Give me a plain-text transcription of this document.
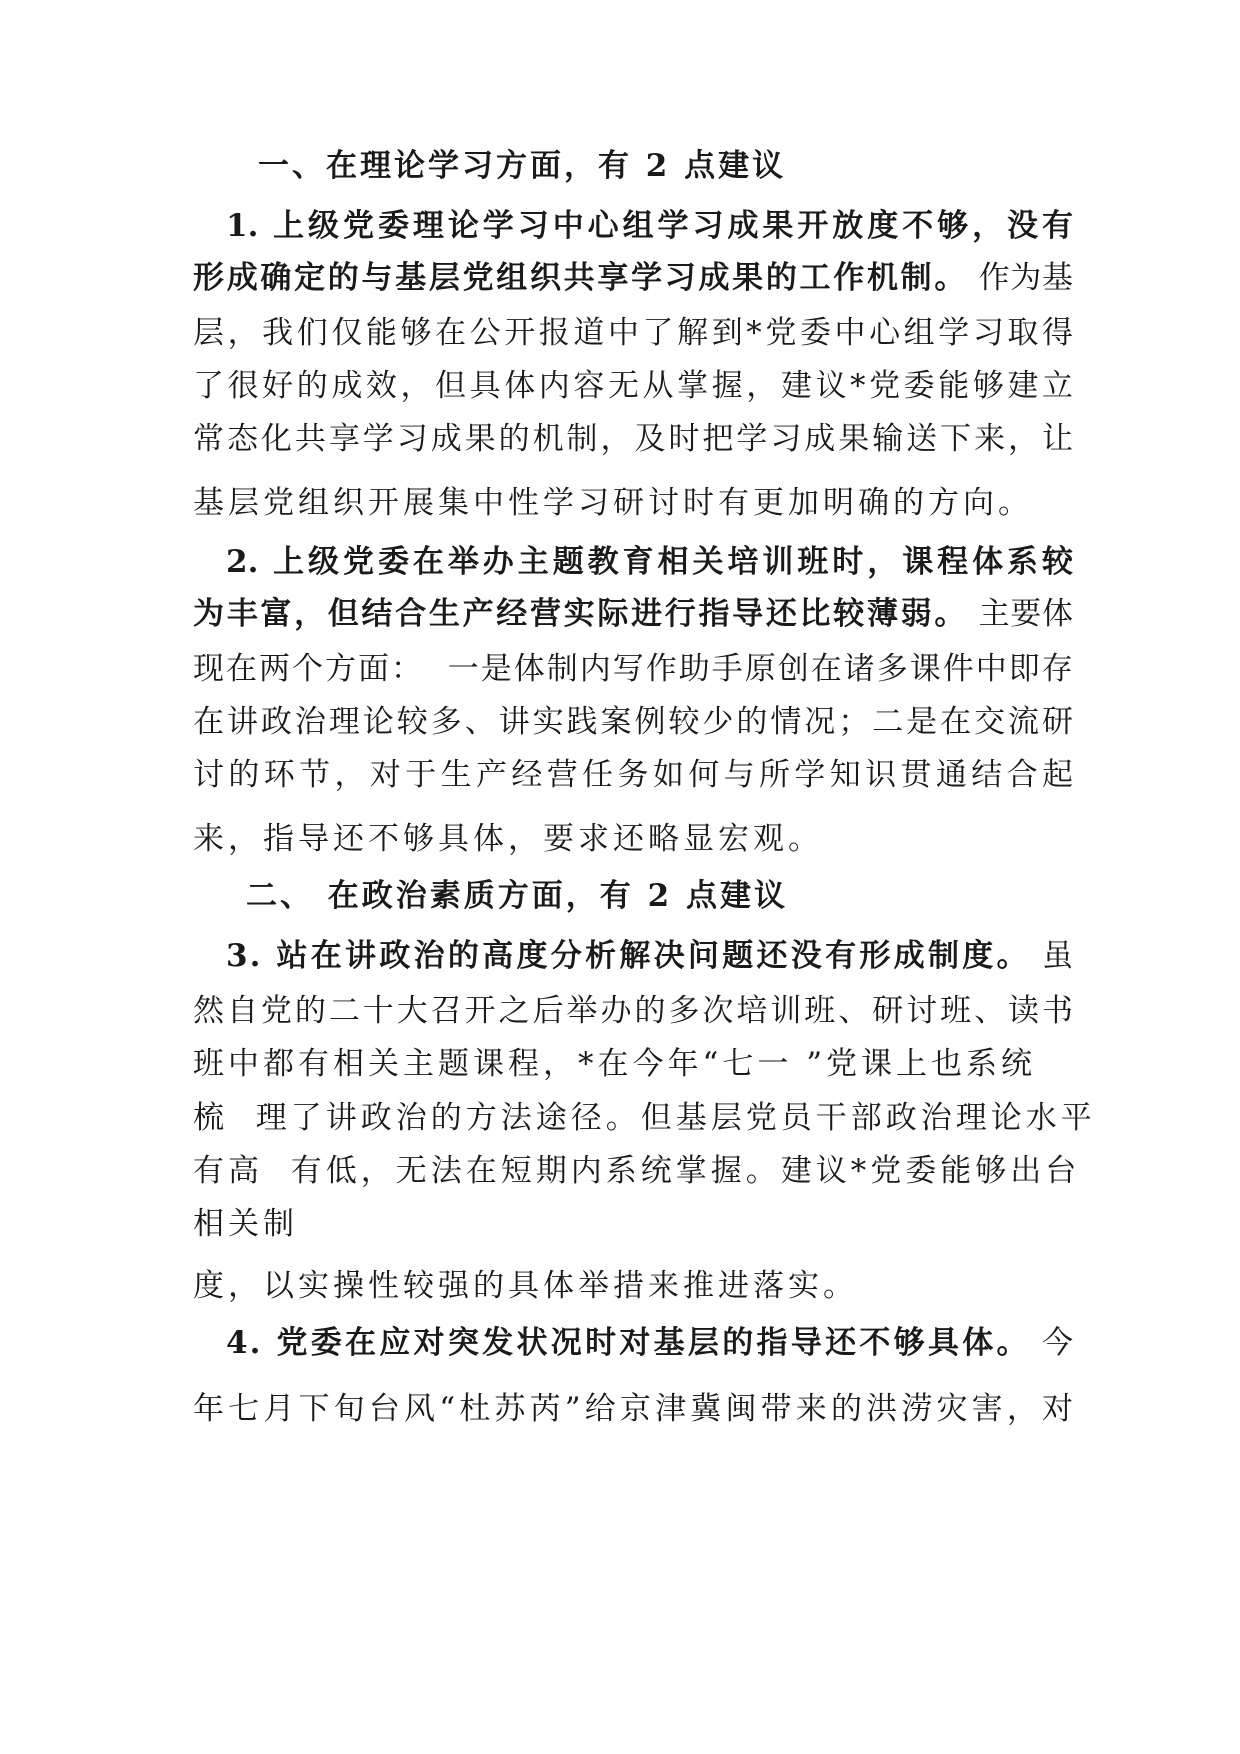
一、在理论学习方面，有 2 点建议
1. 上级党委理论学习中心组学习成果开放度不够，没有
形成确定的与基层党组织共享学习成果的工作机制。 作为基
层，我们仅能够在公开报道中了解到*党委中心组学习取得
了很好的成效，但具体内容无从掌握，建议*党委能够建立
常态化共享学习成果的机制，及时把学习成果输送下来，让
基层党组织开展集中性学习研讨时有更加明确的方向。
2. 上级党委在举办主题教育相关培训班时，课程体系较
为丰富，但结合生产经营实际进行指导还比较薄弱。 主要体
现在两个方面：  一是体制内写作助手原创在诸多课件中即存
在讲政治理论较多、讲实践案例较少的情况；二是在交流研
讨的环节，对于生产经营任务如何与所学知识贯通结合起
来，指导还不够具体，要求还略显宏观。
二、 在政治素质方面，有 2 点建议
3. 站在讲政治的高度分析解决问题还没有形成制度。 虽
然自党的二十大召开之后举办的多次培训班、研讨班、读书
班中都有相关主题课程，*在今年“七一 ”党课上也系统
梳  理了讲政治的方法途径。但基层党员干部政治理论水平
有高  有低，无法在短期内系统掌握。建议*党委能够出台
相关制
度，以实操性较强的具体举措来推进落实。
4. 党委在应对突发状况时对基层的指导还不够具体。 今
年七月下旬台风“杜苏芮”给京津冀闽带来的洪涝灾害，对
